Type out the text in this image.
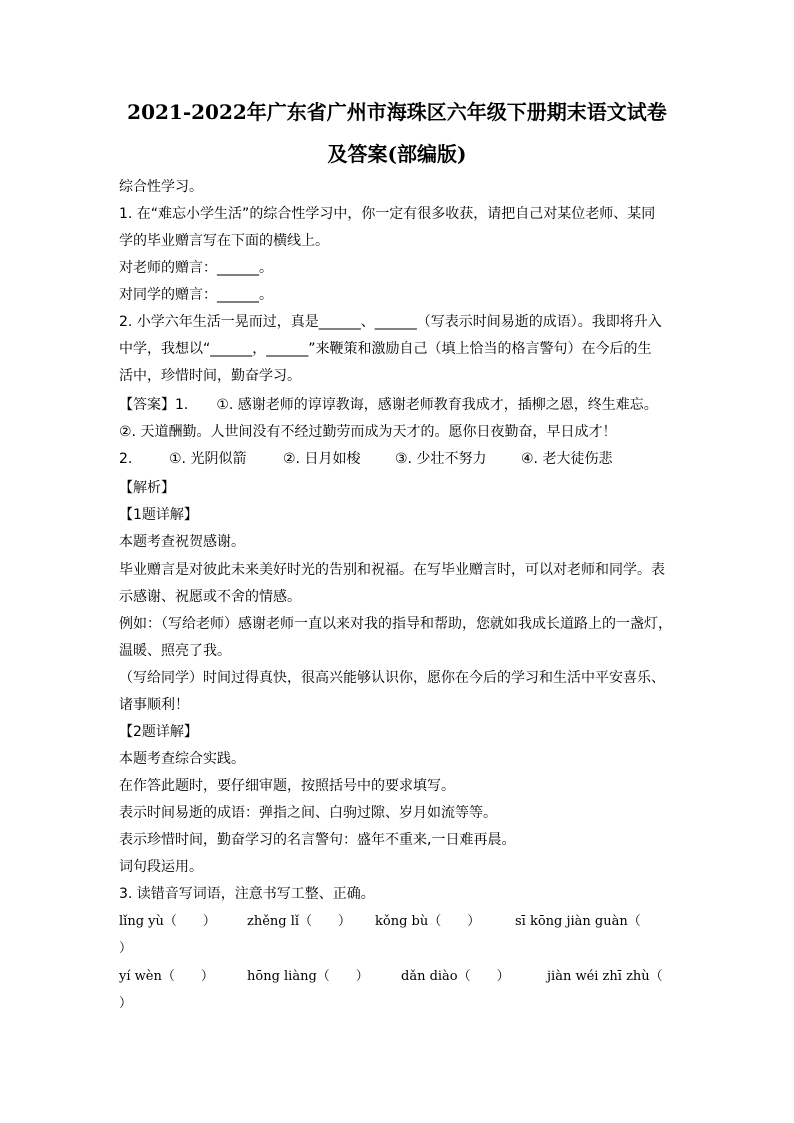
2021-2022年广东省广州市海珠区六年级下册期末语文试卷
及答案(部编版)
综合性学习。
1. 在“难忘小学生活”的综合性学习中，你一定有很多收获，请把自己对某位老师、某同
学的毕业赠言写在下面的横线上。
对老师的赠言：______。
对同学的赠言：______。
2. 小学六年生活一晃而过，真是______、______（写表示时间易逝的成语）。我即将升入
中学，我想以“______，______”来鞭策和激励自己（填上恰当的格言警句）在今后的生
活中，珍惜时间，勤奋学习。
【答案】1.　　①. 感谢老师的谆谆教诲，感谢老师教育我成才，插柳之恩，终生难忘。
②. 天道酬勤。人世间没有不经过勤劳而成为天才的。愿你日夜勤奋，早日成才！
2.	①. 光阴似箭	②. 日月如梭 ③. 少壮不努力 ④. 老大徒伤悲
【解析】
【1题详解】
本题考查祝贺感谢。
毕业赠言是对彼此未来美好时光的告别和祝福。在写毕业赠言时，可以对老师和同学。表
示感谢、祝愿或不舍的情感。
例如：（写给老师）感谢老师一直以来对我的指导和帮助，您就如我成长道路上的一盏灯，
温暖、照亮了我。
（写给同学）时间过得真快，很高兴能够认识你，愿你在今后的学习和生活中平安喜乐、
诸事顺利！
【2题详解】
本题考查综合实践。
在作答此题时，要仔细审题，按照括号中的要求填写。
表示时间易逝的成语：弹指之间、白驹过隙、岁月如流等等。
表示珍惜时间，勤奋学习的名言警句：盛年不重来,一日难再晨。
词句段运用。
3. 读错音写词语，注意书写工整、正确。
lǐng yù（　　） zhěng lǐ（　　） kǒng bù（　　）	sī kōng jiàn guàn（
）
yí wèn（　　）	hōng liàng（　　） dǎn diào（　　）	jiàn wéi zhī zhù（
）
